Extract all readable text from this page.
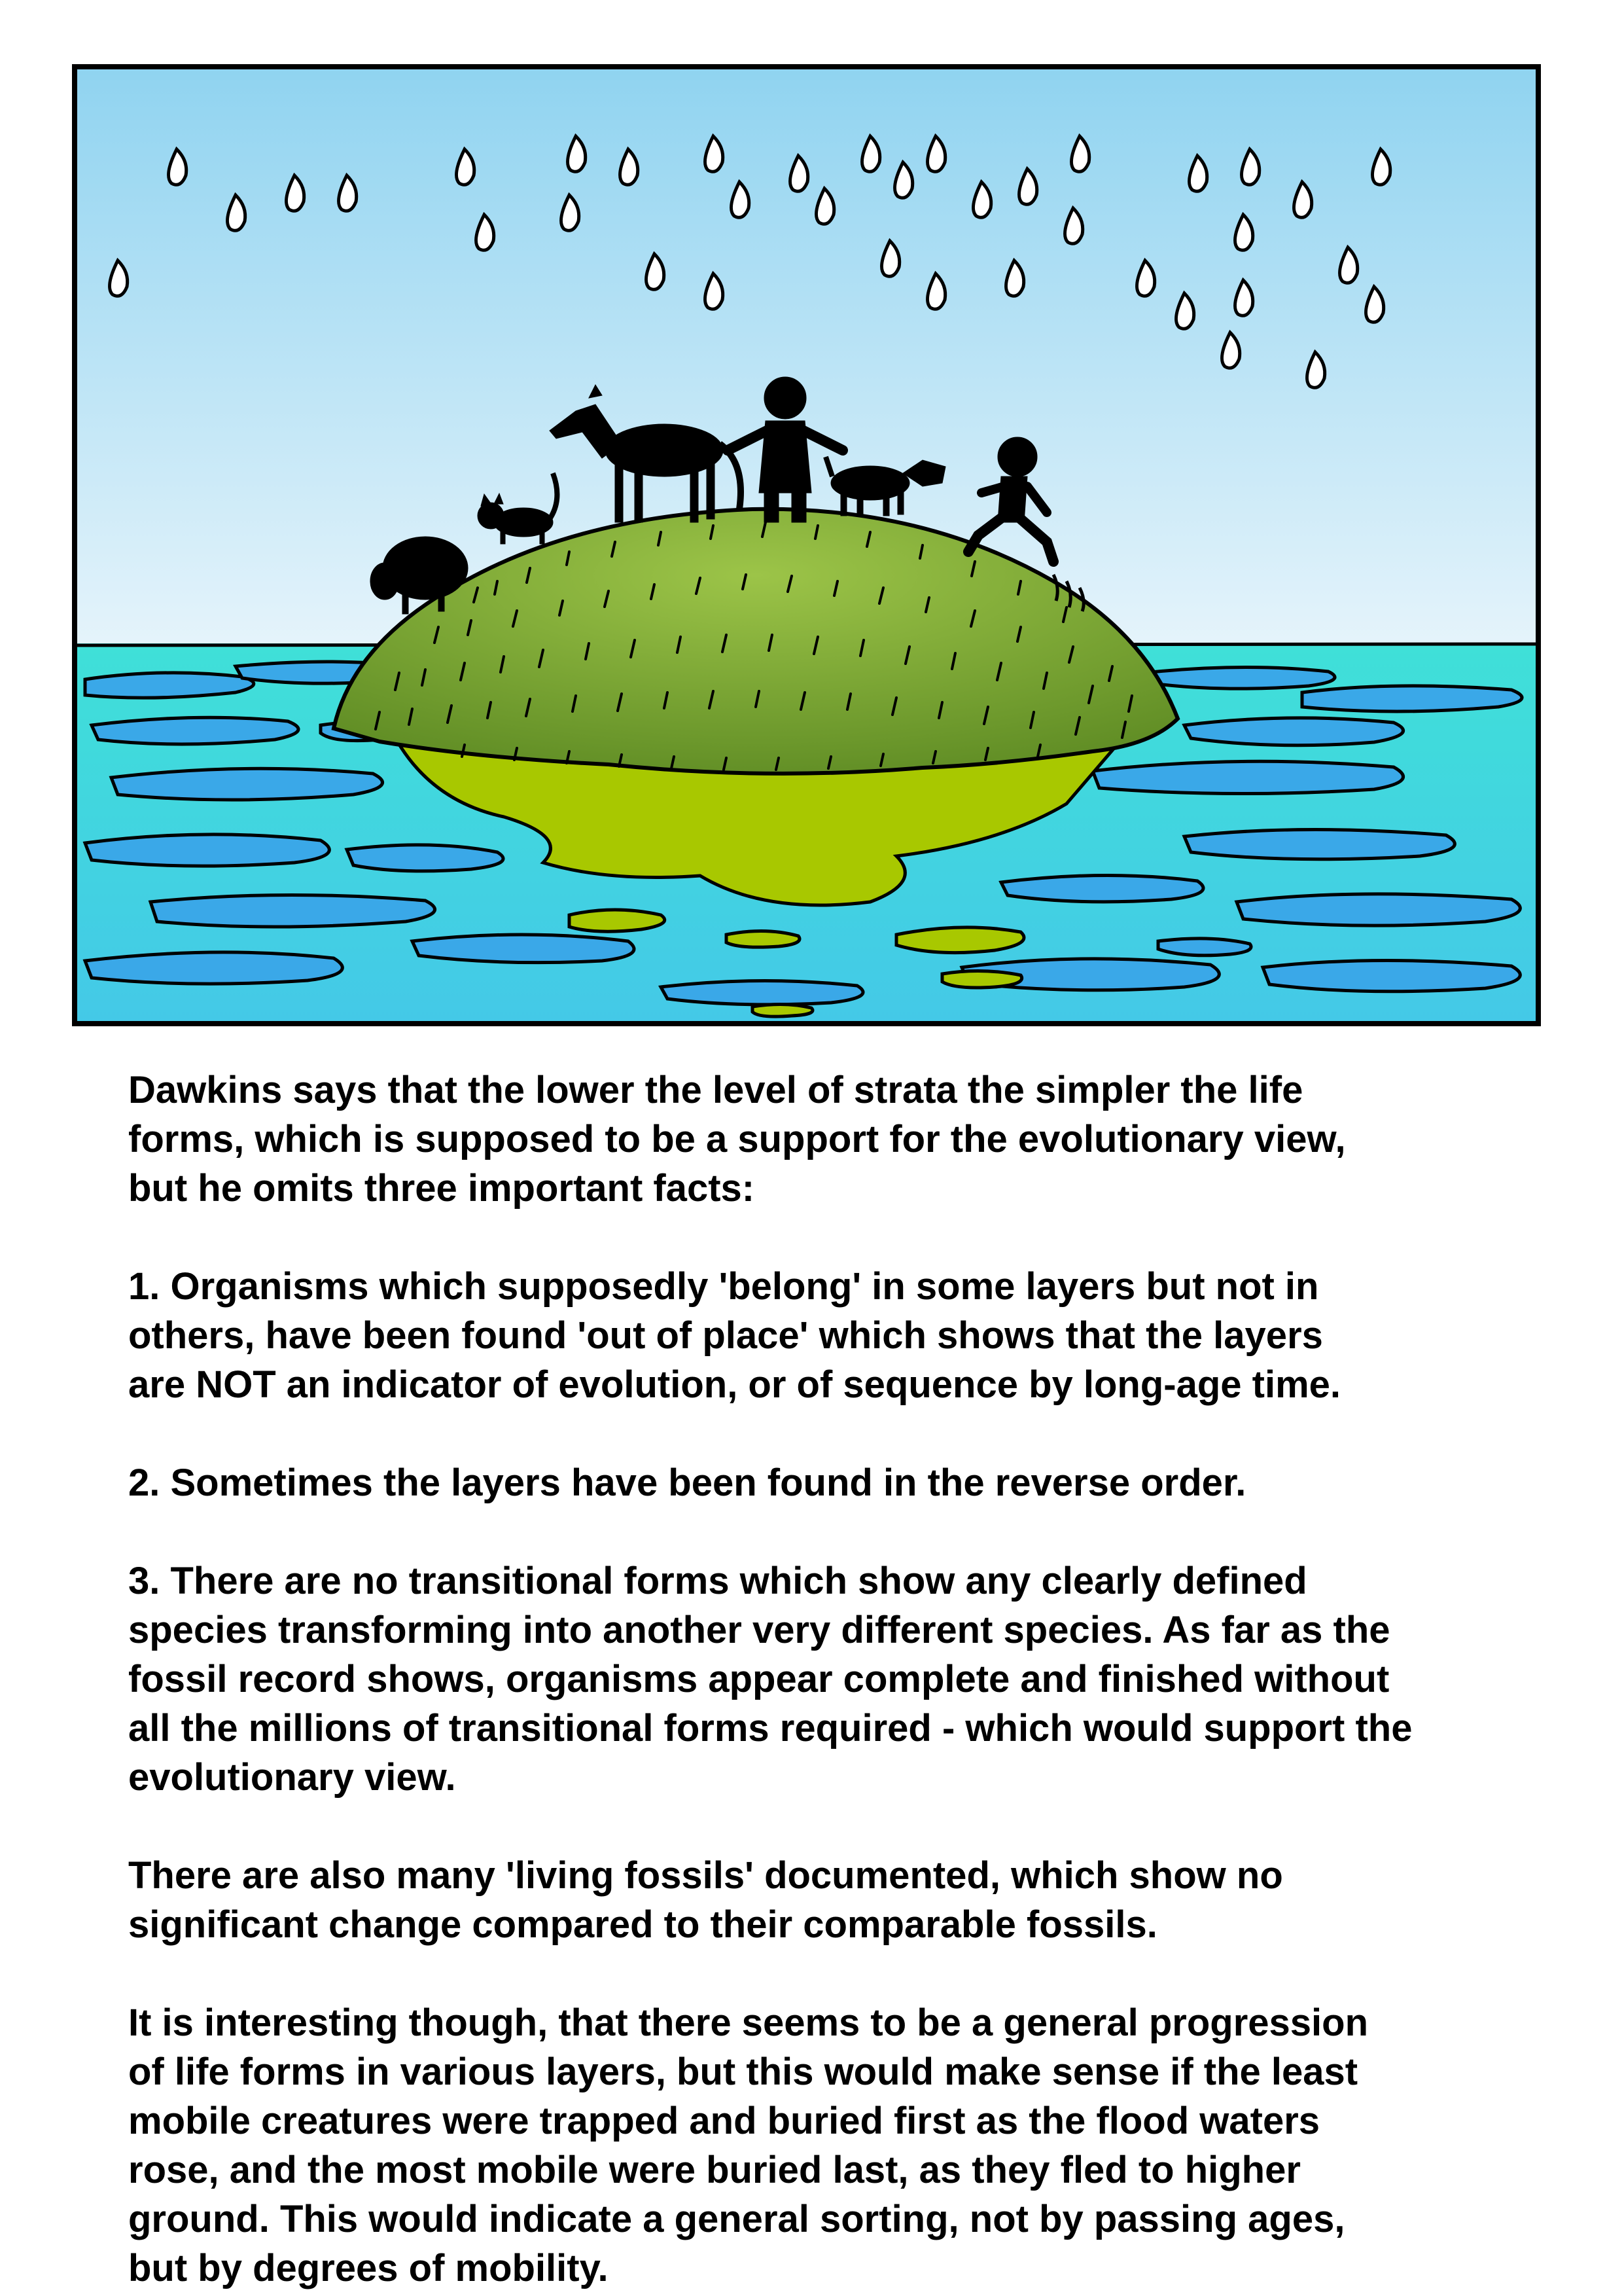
Dawkins says that the lower the level of strata the simpler the life
forms, which is supposed to be a support for the evolutionary view,
but he omits three important facts:

1. Organisms which supposedly 'belong' in some layers but not in
others, have been found 'out of place' which shows that the layers
are NOT an indicator of evolution, or of sequence by long-age time.

2. Sometimes the layers have been found in the reverse order.

3. There are no transitional forms which show any clearly defined
species transforming into another very different species. As far as the
fossil record shows, organisms appear complete and finished without
all the millions of transitional forms required - which would support the
evolutionary view.

There are also many 'living fossils' documented, which show no
significant change compared to their comparable fossils.

It is interesting though, that there seems to be a general progression
of life forms in various layers, but this would make sense if the least
mobile creatures were trapped and buried first as the flood waters
rose, and the most mobile were buried last, as they fled to higher
ground. This would indicate a general sorting, not by passing ages,
but by degrees of mobility.
